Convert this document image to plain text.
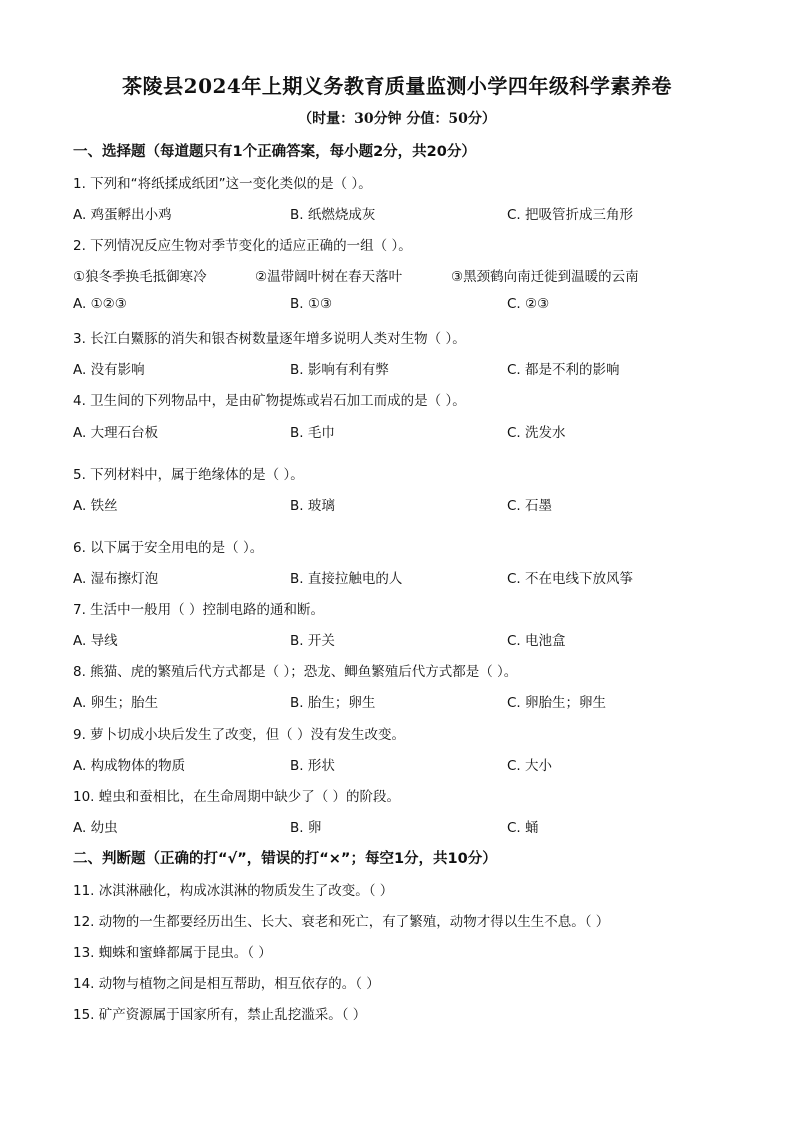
茶陵县2024年上期义务教育质量监测小学四年级科学素养卷
（时量：30分钟 分值：50分）
一、选择题（每道题只有1个正确答案，每小题2分，共20分）
1. 下列和“将纸揉成纸团”这一变化类似的是（ ）。
A. 鸡蛋孵出小鸡	B. 纸燃烧成灰	C. 把吸管折成三角形
2. 下列情况反应生物对季节变化的适应正确的一组（ ）。
①狼冬季换毛抵御寒冷	②温带阔叶树在春天落叶	③黑颈鹤向南迁徙到温暖的云南
A. ①②③	B. ①③	C. ②③
3. 长江白鱀豚的消失和银杏树数量逐年增多说明人类对生物（ ）。
A. 没有影响	B. 影响有利有弊	C. 都是不利的影响
4. 卫生间的下列物品中，是由矿物提炼或岩石加工而成的是（ ）。
A. 大理石台板	B. 毛巾	C. 洗发水
5. 下列材料中，属于绝缘体的是（ ）。
A. 铁丝	B. 玻璃	C. 石墨
6. 以下属于安全用电的是（ ）。
A. 湿布擦灯泡	B. 直接拉触电的人	C. 不在电线下放风筝
7. 生活中一般用（ ）控制电路的通和断。
A. 导线	B. 开关	C. 电池盒
8. 熊猫、虎的繁殖后代方式都是（ ）；恐龙、鲫鱼繁殖后代方式都是（ ）。
A. 卵生；胎生	B. 胎生；卵生	C. 卵胎生；卵生
9. 萝卜切成小块后发生了改变，但（ ）没有发生改变。
A. 构成物体的物质	B. 形状	C. 大小
10. 蝗虫和蚕相比，在生命周期中缺少了（ ）的阶段。
A. 幼虫	B. 卵	C. 蛹
二、判断题（正确的打“√”，错误的打“×”；每空1分，共10分）
11. 冰淇淋融化，构成冰淇淋的物质发生了改变。（ ）
12. 动物的一生都要经历出生、长大、衰老和死亡，有了繁殖，动物才得以生生不息。（ ）
13. 蜘蛛和蜜蜂都属于昆虫。（ ）
14. 动物与植物之间是相互帮助，相互依存的。（ ）
15. 矿产资源属于国家所有，禁止乱挖滥采。（ ）
